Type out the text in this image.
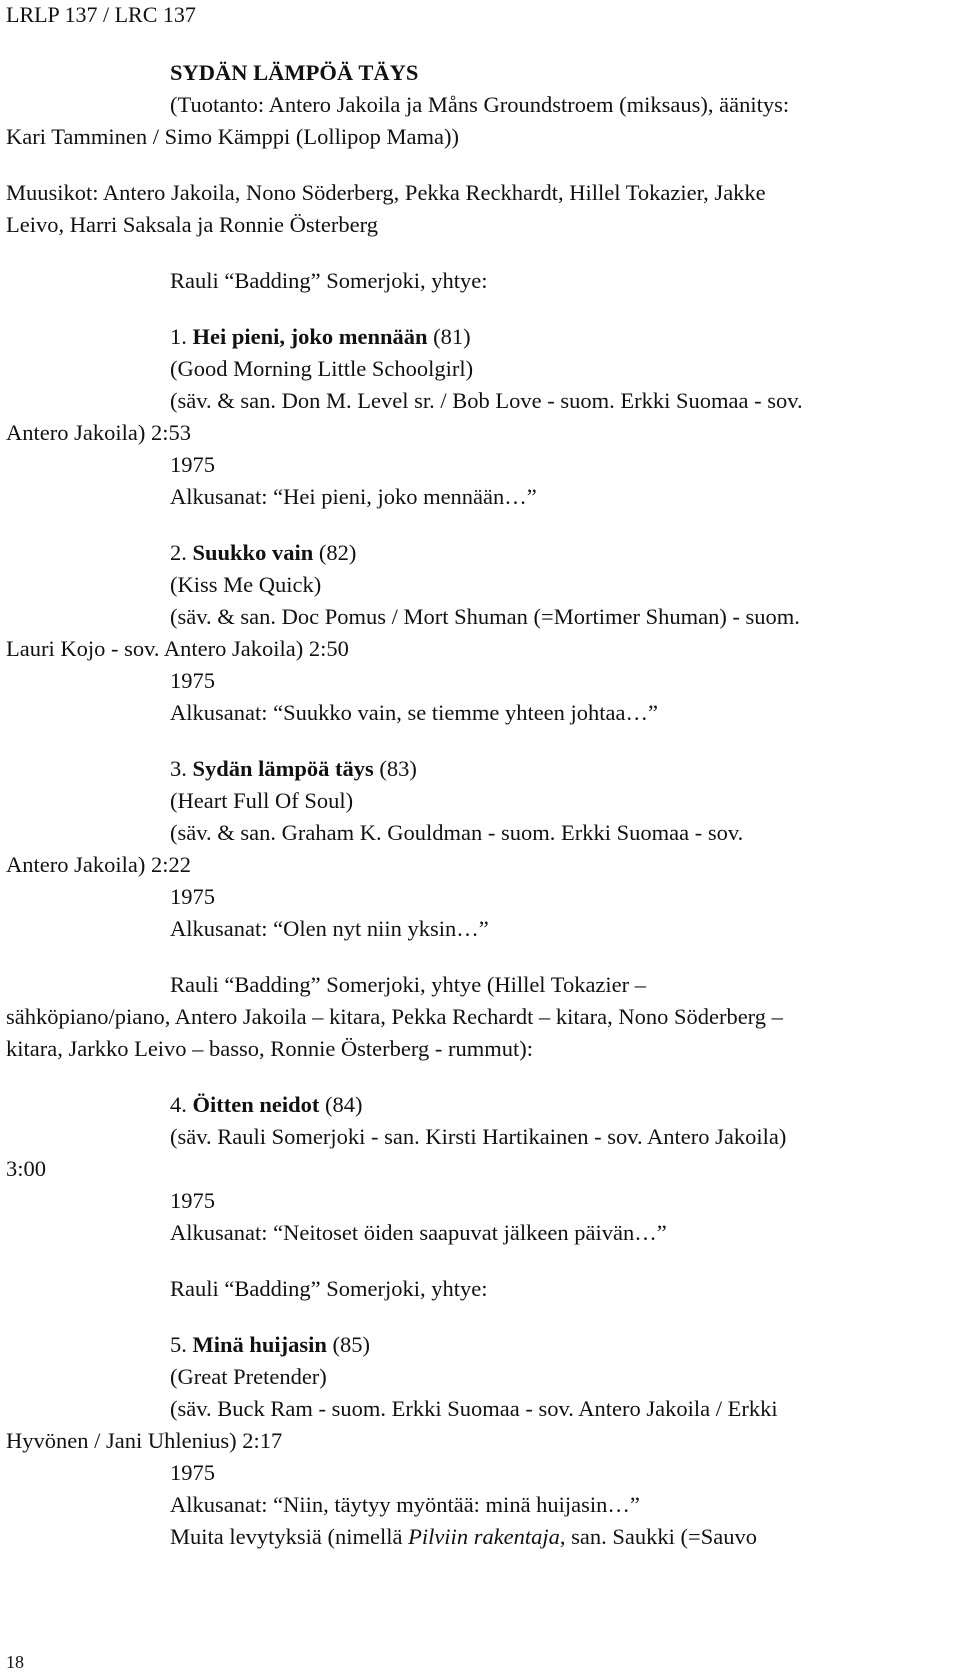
LRLP 137 / LRC 137
SYDÄN LÄMPÖÄ TÄYS
(Tuotanto: Antero Jakoila ja Måns Groundstroem (miksaus), äänitys:
Kari Tamminen / Simo Kämppi (Lollipop Mama))
Muusikot: Antero Jakoila, Nono Söderberg, Pekka Reckhardt, Hillel Tokazier, Jakke
Leivo, Harri Saksala ja Ronnie Österberg
Rauli “Badding” Somerjoki, yhtye:
1. Hei pieni, joko mennään (81)
(Good Morning Little Schoolgirl)
(säv. & san. Don M. Level sr. / Bob Love - suom. Erkki Suomaa - sov.
Antero Jakoila) 2:53
1975
Alkusanat: “Hei pieni, joko mennään…”
2. Suukko vain (82)
(Kiss Me Quick)
(säv. & san. Doc Pomus / Mort Shuman (=Mortimer Shuman) - suom.
Lauri Kojo - sov. Antero Jakoila) 2:50
1975
Alkusanat: “Suukko vain, se tiemme yhteen johtaa…”
3. Sydän lämpöä täys (83)
(Heart Full Of Soul)
(säv. & san. Graham K. Gouldman - suom. Erkki Suomaa - sov.
Antero Jakoila) 2:22
1975
Alkusanat: “Olen nyt niin yksin…”
Rauli “Badding” Somerjoki, yhtye (Hillel Tokazier –
sähköpiano/piano, Antero Jakoila – kitara, Pekka Rechardt – kitara, Nono Söderberg –
kitara, Jarkko Leivo – basso, Ronnie Österberg - rummut):
4. Öitten neidot (84)
(säv. Rauli Somerjoki - san. Kirsti Hartikainen - sov. Antero Jakoila)
3:00
1975
Alkusanat: “Neitoset öiden saapuvat jälkeen päivän…”
Rauli “Badding” Somerjoki, yhtye:
5. Minä huijasin (85)
(Great Pretender)
(säv. Buck Ram - suom. Erkki Suomaa - sov. Antero Jakoila / Erkki
Hyvönen / Jani Uhlenius) 2:17
1975
Alkusanat: “Niin, täytyy myöntää: minä huijasin…”
Muita levytyksiä (nimellä Pilviin rakentaja, san. Saukki (=Sauvo
18
